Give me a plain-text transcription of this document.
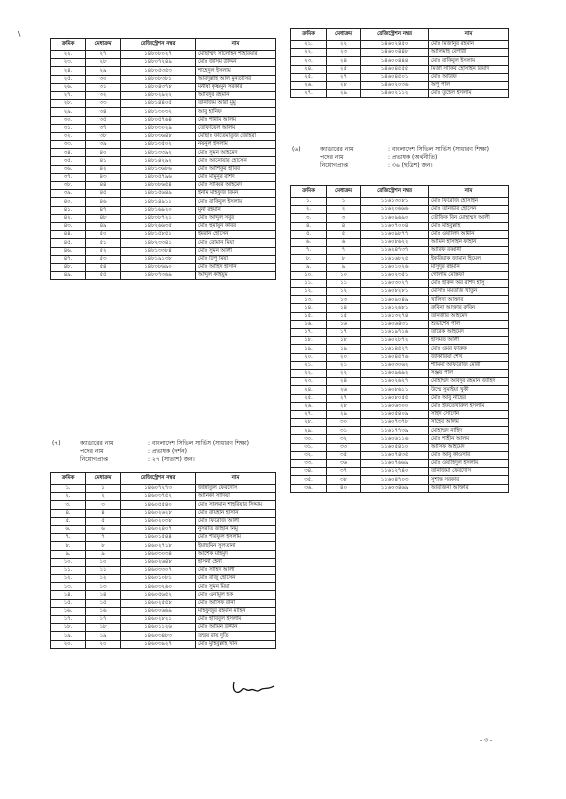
\
ক্রমিক	মেধাক্রম	রেজিস্ট্রেশন নম্বর	নাম
২২.	২৭	১৪৮০৮০২৭	মোছাম্মৎ সালেহিন শাহরিয়ার
২৩.	২৮	১৪৮০৭২৪৯	মোঃ জসিম উদ্দিন
২৪.	২৯	১৪৮০৫৩৫৩	শাহেদুল ইসলাম
২৫.	৩০	১৪৮০৮৩৮১	আবদুল্লাহ আল মুনতাসির
২৬.	৩১	১৪৮০৪৩৭৮	মনীষা কৃষ্ণমুন সরকার
২৭.	৩২	১৪৮০২৯২২	আবিদুর রহমান
২৮.	৩৩	১৪৮১৪৪০৫	তানজিম আরা মুমু
২৯.	৩৪	১৪৮১৩০৩২	আবু হানিফ
৩০.	৩৫	১৪৮০৫৭৬৪	মোঃ শামীম আলম
৩১.	৩৭	১৪৮০৩০২৯	তোফায়েল আলম
৩২.	৩৮	১৪৮০৩৬৪৮	মোছাঃ ফাতেমাতুজ জোহরা
৩৩.	৩৯	১৪৮১৩৫০২	নয়নুল ইসলাম
৩৪.	৪০	১৪৮১৩৩৯২	মোঃ সুমন আহমেদ
৩৫.	৪১	১৪৮১৪২৯২	মোঃ আনোয়ার হোসেন
৩৬.	৪২	১৪৮১৩৬৮৬	মোঃ আশিকুর হাবিব
৩৭.	৪৩	১৪৮০৫৭৯৬	মোঃ মামুনুর রশিদ
৩৮.	৪৪	১৪৮০৮৬৫৪	মোঃ সাব্বির আহমেদ
৩৯.	৪৫	১৪৮১৫৬৪৯	ইনাম মাহফুজ রিমন
৪০.	৪৬	১৪৮১৪৯১১	মোঃ রাকিবুল ইসলাম
৪১.	৪৭	১৪৮১৬৯২০	মুনা রহমান
৪২.	৪৮	১৪৮০৮৭২১	মোঃ আব্দুল সবুর
৪৩.	৪৯	১৪৮২৬৬৩৫	মোঃ হুমায়ুন কবির
৪৪.	৫০	১৪৮১৫৮৫১	ইমরান হোসেন
৪৫.	৫১	১৪৮২৩৩৪১	মোঃ রোমান মিয়া
৪৬.	৫২	১৪৮১৩৩৮৪	মোঃ সুমন আলী
৪৭.	৫৩	১৪৮১৯১৩৮	মোঃ টিপু মিয়া
৪৮.	৫৪	১৪৮০৮৬৯০	মোঃ আহিদ হাসান
৪৯.	৫৫	১৪৮০৭৩৬৯	আব্দুল কাইয়ুম
(৭)	ক্যাডারের নাম	: বাংলাদেশ সিভিল সার্ভিস (সাধারণ শিক্ষা)
পদের নাম	: প্রভাষক (দর্শন)
নিয়োগপ্রাপ্ত	: ২৭ (সাতাশ) জন।
ক্রমিক	মেধাক্রম	রেজিস্ট্রেশন নম্বর	নাম
১.	১	১৪৬০৭২৭৩	জান্নাতুল ফেরদৌস
২.	২	১৪৬০৩৭৫২	আনিকা সাদিয়া
৩.	৩	১৪৬০৫৫৪০	মোঃ সালমান শাহরিয়ার সিদ্দাম
৪.	৪	১৪৬০২৬২৮	মোঃ রায়হান হাসান
৫.	৫	১৪৬০২০৩৮	মোঃ ফিরোজ আলী
৬.	৬	১৪৬০২৪০৭	নুসরাত জাহান নিমু
৭.	৭	১৪৬০১৫৪৪	মোঃ শরিফুল ইসলাম
৮.	৮	১৪৬০২৭১৮	ইয়াছমিন সুলতানা
৯.	৯	১৪৬০৩০৩৪	আশেক মাহমুদ
১০.	১০	১৪৬০২৬৪৮	হাসনা হেনা
১১.	১১	১৪৬০৩৩০৭	মোঃ সাহিদ আলী
১২.	১২	১৪৬০১০৮১	মোঃ রাজু হোসেন
১৩.	১৩	১৪৬০৩২৬০	মোঃ সুমন মিয়া
১৪.	১৪	১৪৬০৫৬৫২	মোঃ এনামুল হক
১৫.	১৫	১৪৬০২৫৫৮	মোঃ আসিফ রানা
১৬.	১৬	১৪৬০০৬৬৯	মাহফুজুর রহমান মাহিন
১৭.	১৭	১৪৬০২৮২১	মোঃ হাবিবুল ইসলাম
১৮.	১৮	১৪৬০১১২৬	মোঃ আমিন উদ্দীন
১৯.	১৯	১৪৬০৩৪৮৩	তন্ময় রায় দুতি
২০.	২০	১৪৬০৩৯২৭	মোঃ মুহিবুল্লাহ খান
ক্রমিক	মেধাক্রম	রেজিস্ট্রেশন নম্বর	নাম
২১.	২২	১৪৬০২৪৫০	মোঃ মিজানুর রহমান
২২.	২৩	১৪৬০০৪৪৮	আলিমাহ বেপারী
২৩.	২৪	১৪৬০০৪৪৪	মোঃ রাকিবুল ইসলাম
২৪.	২৫	১৪৬০৪৫৫৫	মির্জা সাকিব হোসাইন রিয়াদ
২৫.	২৭	১৪৬০৪৫০১	মোঃ আরিফ
২৬.	২৮	১৪৬০২০৩৬	অপু পাল
২৭.	২৯	১৪৬০২১১২	মোঃ তুহেল ইসলাম
(৬)	ক্যাডারের নাম	: বাংলাদেশ সিভিল সার্ভিস (সাধারণ শিক্ষা)
পদের নাম	: প্রভাষক (অর্থনীতি)
নিয়োগপ্রাপ্ত	: ৩৬ (ছত্রিশ) জন।
ক্রমিক	মেধাক্রম	রেজিস্ট্রেশন নম্বর	নাম
১.	১	১১৬১৩০৮১	মোঃ ফিরোজ হোসাইন
২.	২	১১৬২০৬৬৬	মোঃ তানভীর হোসেন
৩.	৩	১১৬০৯৬৯০	তৌফিক বিন মোহাম্মদ আলী
৪.	৪	১১৬০৭০০৪	মোঃ মহিবুল্লাহ
৫.	৫	১১৬০৯৮৭৭	মোঃ ওয়ালিদ আমীন
৬.	৬	১১৬০৮৬২২	আমিন হাসাইন ফাহান
৭.	৭	১১৬২৪৭৩৭	আরিফ রব্বানী
৮.	৮	১১৬১৬৮২৫	ইকরিয়াক জামান হিমেল
৯.	৯	১১৬০১০২৬	মাসুদুর রহমান
১০.	১০	১১৬০২৩৫১	গোলাম মোস্তফা
১১.	১১	১১৬০৩০২৭	মোঃ হারুন অর রশিদ হাসু
১২.	১২	১১৬০৮২৮১	মোসাঃ মমতাজ খাতুন
১৩.	১৩	১১৬০৯০৪৯	খালিদা আক্তার
১৪.	১৪	১১৬১২৬৮১	রুবিনা আক্তার রুবিন
১৫.	১৫	১১৬১৩২৭৪	তানজীর আহমেদ
১৬.	১৬	১১৬০৬৪৩১	শুভাশেষ পাল
১৭.	১৭	১১৬১৯৭১৬	তারেক আহমেদ
১৮.	১৮	১১৬০২৮৭২	হাসমত আলী
১৯.	১৯	১১৬১৪৫২৭	মোঃ ওমর ফারুক
২০.	২০	১১৬০৪৫৭৬	জাকারিয়া শেখ
২১.	২১	১১৬০৩০৬২	শামিমা আফরোজ মৌরী
২২.	২২	১১৬০৯৬৯২	সঞ্জয় পাল
২৩.	২৪	১১৬০২৬২৭	মোহাম্মদ আবদুর রহমান জাহিদ
২৪.	২৬	১১৬০৮৬১১	উম্মে সুমাইয়া খুকী
২৫.	২৭	১১৬০৮০৫৫	মোঃ আবু নাছের
২৬.	২৮	১১৬০৬৩০০	মোঃ ইফতেখারুল ইসলাম
২৭.	২৯	১১৬০৫৪০৯	সাইদ সোর্ণেন
২৮.	৩০	১১৬০৭৩৭৮	সাহেব আলম
২৯.	৩১	১১৬১৭৭৩৯	মোহাম্মদ নাহিদ
৩০.	৩২	১১৬০৬১১৬	মোঃ শাহীন আলম
৩১.	৩৩	১১৬০৫৪১০	আসিফ আহমেদ
৩২.	৩৫	১১৬০৭৪৩৫	মোঃ আবু কাওসার
৩৩.	৩৬	১১৬০৭৬৬৯	মোঃ ওয়াহিদুল ইসলাম
৩৪.	৩৭	১১৬১২৭৪০	তানজিমা ফেরদৌস
৩৫.	৩৮	১১৬০৪৭০৩	সুশান্ত সরকার
৩৬.	৪০	১১৬০৩৪৬৯	আরজিনা আক্তার
- ৩ -
